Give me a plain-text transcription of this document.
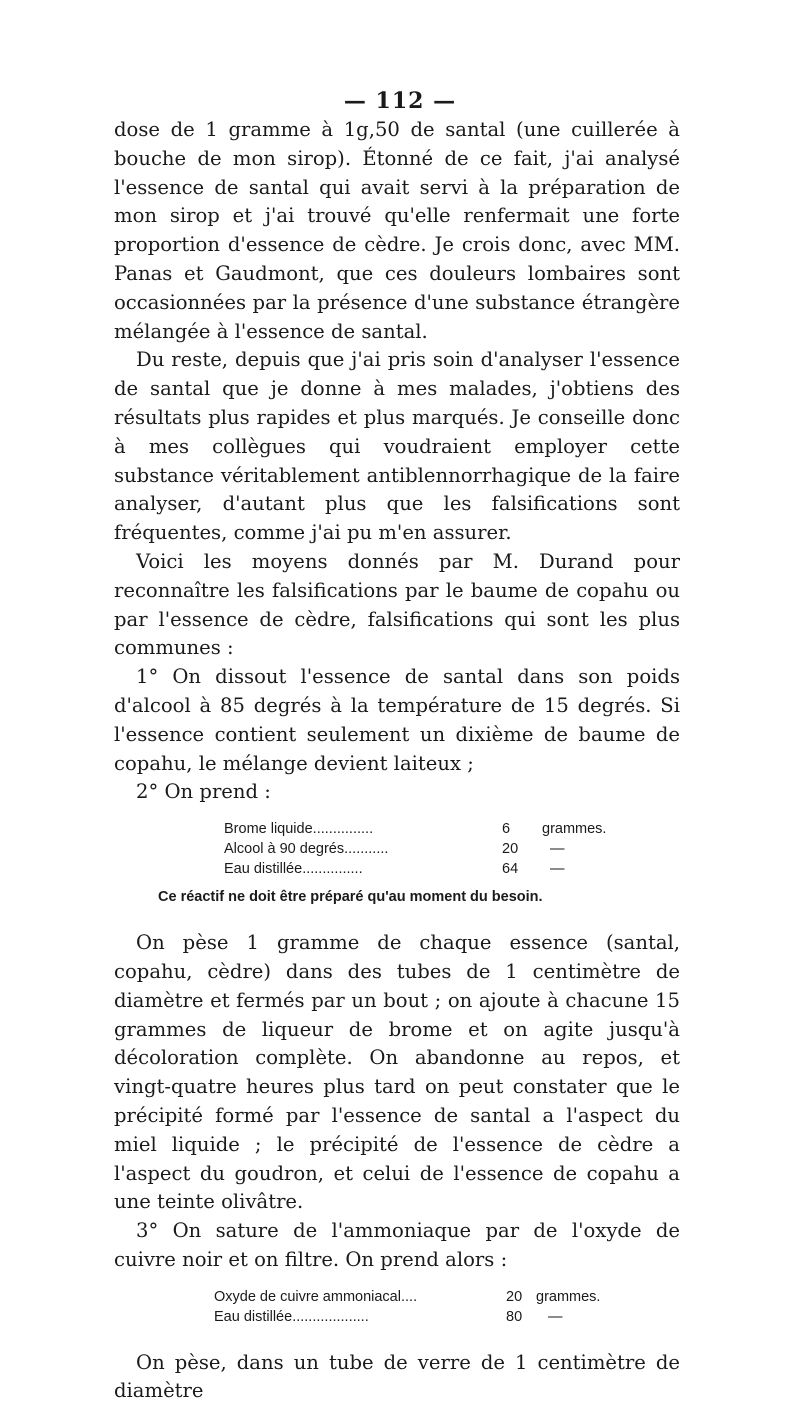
— 112 —

dose de 1 gramme à 1g,50 de santal (une cuillerée à bouche de mon sirop). Étonné de ce fait, j'ai analysé l'essence de santal qui avait servi à la préparation de mon sirop et j'ai trouvé qu'elle renfermait une forte proportion d'essence de cèdre. Je crois donc, avec MM. Panas et Gaudmont, que ces douleurs lombaires sont occasionnées par la présence d'une substance étrangère mélangée à l'essence de santal.

Du reste, depuis que j'ai pris soin d'analyser l'essence de santal que je donne à mes malades, j'obtiens des résultats plus rapides et plus marqués. Je conseille donc à mes collègues qui voudraient employer cette substance véritablement antiblennorrhagique de la faire analyser, d'autant plus que les falsifications sont fréquentes, comme j'ai pu m'en assurer.

Voici les moyens donnés par M. Durand pour reconnaître les falsifications par le baume de copahu ou par l'essence de cèdre, falsifications qui sont les plus communes :

1° On dissout l'essence de santal dans son poids d'alcool à 85 degrés à la température de 15 degrés. Si l'essence contient seulement un dixième de baume de copahu, le mélange devient laiteux ;

2° On prend :

Brome liquide...............	6	grammes.
Alcool à 90 degrés...........	20	—
Eau distillée...............	64	—

Ce réactif ne doit être préparé qu'au moment du besoin.

On pèse 1 gramme de chaque essence (santal, copahu, cèdre) dans des tubes de 1 centimètre de diamètre et fermés par un bout ; on ajoute à chacune 15 grammes de liqueur de brome et on agite jusqu'à décoloration complète. On abandonne au repos, et vingt-quatre heures plus tard on peut constater que le précipité formé par l'essence de santal a l'aspect du miel liquide ; le précipité de l'essence de cèdre a l'aspect du goudron, et celui de l'essence de copahu a une teinte olivâtre.

3° On sature de l'ammoniaque par de l'oxyde de cuivre noir et on filtre. On prend alors :

Oxyde de cuivre ammoniacal....	20 grammes.
Eau distillée...................	80	—

On pèse, dans un tube de verre de 1 centimètre de diamètre
